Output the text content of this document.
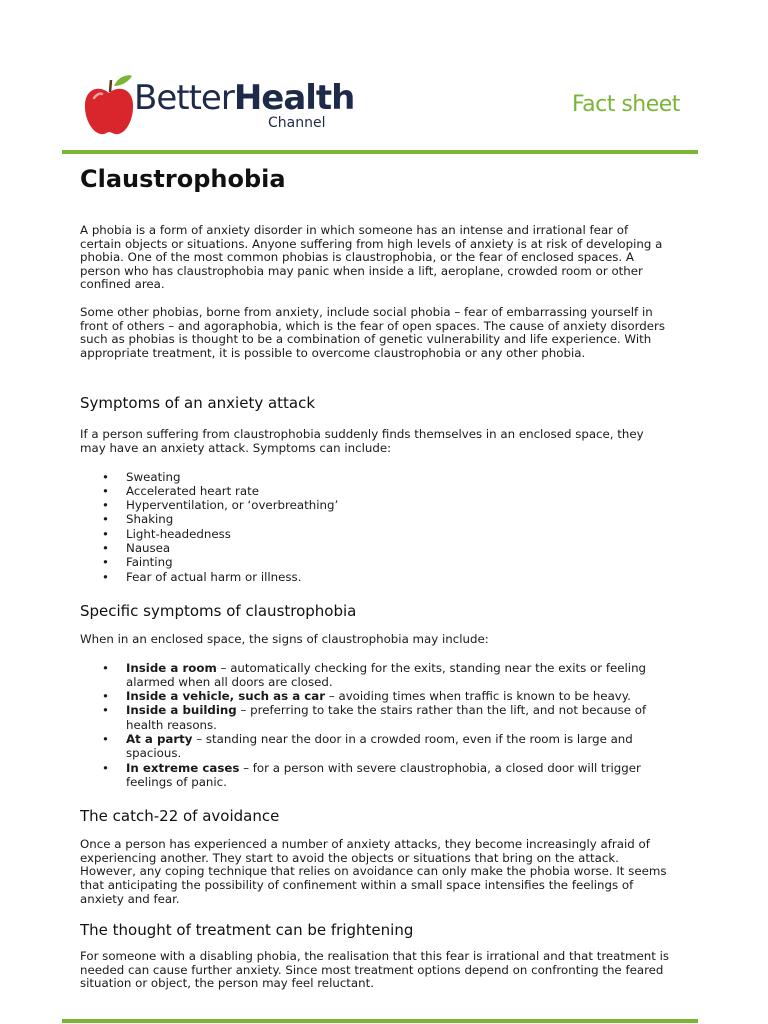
BetterHealth
Channel
Fact sheet
Claustrophobia

A phobia is a form of anxiety disorder in which someone has an intense and irrational fear of certain objects or situations. Anyone suffering from high levels of anxiety is at risk of developing a phobia. One of the most common phobias is claustrophobia, or the fear of enclosed spaces. A person who has claustrophobia may panic when inside a lift, aeroplane, crowded room or other confined area.

Some other phobias, borne from anxiety, include social phobia – fear of embarrassing yourself in front of others – and agoraphobia, which is the fear of open spaces. The cause of anxiety disorders such as phobias is thought to be a combination of genetic vulnerability and life experience. With appropriate treatment, it is possible to overcome claustrophobia or any other phobia.

Symptoms of an anxiety attack

If a person suffering from claustrophobia suddenly finds themselves in an enclosed space, they may have an anxiety attack. Symptoms can include:

• Sweating
• Accelerated heart rate
• Hyperventilation, or ‘overbreathing’
• Shaking
• Light-headedness
• Nausea
• Fainting
• Fear of actual harm or illness.
Specific symptoms of claustrophobia

When in an enclosed space, the signs of claustrophobia may include:

• Inside a room – automatically checking for the exits, standing near the exits or feeling alarmed when all doors are closed.
• Inside a vehicle, such as a car – avoiding times when traffic is known to be heavy.
• Inside a building – preferring to take the stairs rather than the lift, and not because of health reasons.
• At a party – standing near the door in a crowded room, even if the room is large and spacious.
• In extreme cases – for a person with severe claustrophobia, a closed door will trigger feelings of panic.
The catch-22 of avoidance

Once a person has experienced a number of anxiety attacks, they become increasingly afraid of experiencing another. They start to avoid the objects or situations that bring on the attack. However, any coping technique that relies on avoidance can only make the phobia worse. It seems that anticipating the possibility of confinement within a small space intensifies the feelings of anxiety and fear.

The thought of treatment can be frightening

For someone with a disabling phobia, the realisation that this fear is irrational and that treatment is needed can cause further anxiety. Since most treatment options depend on confronting the feared situation or object, the person may feel reluctant.
